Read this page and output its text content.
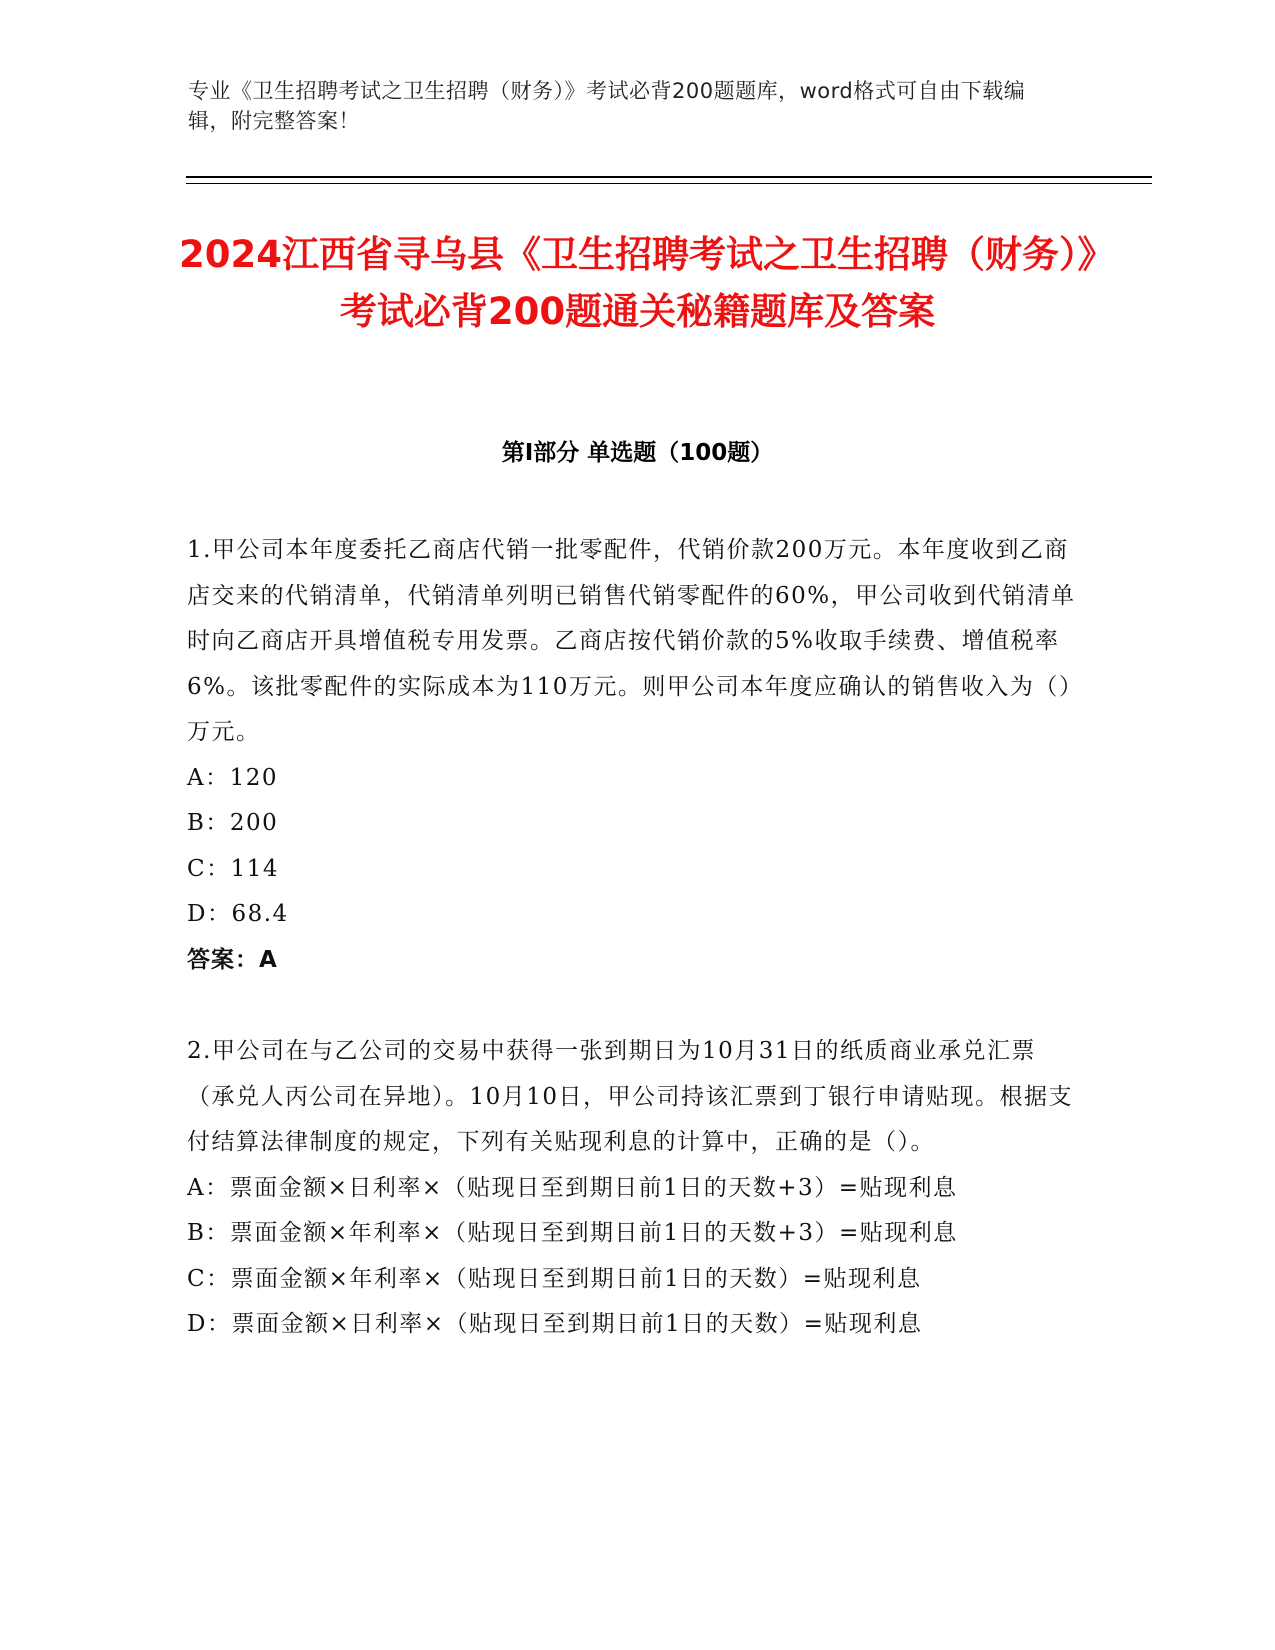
专业《卫生招聘考试之卫生招聘（财务）》考试必背200题题库，word格式可自由下载编辑，附完整答案！
2024江西省寻乌县《卫生招聘考试之卫生招聘（财务）》考试必背200题通关秘籍题库及答案
第I部分 单选题（100题）

1.甲公司本年度委托乙商店代销一批零配件，代销价款200万元。本年度收到乙商店交来的代销清单，代销清单列明已销售代销零配件的60%，甲公司收到代销清单时向乙商店开具增值税专用发票。乙商店按代销价款的5%收取手续费、增值税率6%。该批零配件的实际成本为110万元。则甲公司本年度应确认的销售收入为（）万元。

A：120

B：200

C：114

D：68.4

答案：A

2.甲公司在与乙公司的交易中获得一张到期日为10月31日的纸质商业承兑汇票（承兑人丙公司在异地）。10月10日，甲公司持该汇票到丁银行申请贴现。根据支付结算法律制度的规定，下列有关贴现利息的计算中，正确的是（）。

A：票面金额×日利率×（贴现日至到期日前1日的天数+3）=贴现利息

B：票面金额×年利率×（贴现日至到期日前1日的天数+3）=贴现利息

C：票面金额×年利率×（贴现日至到期日前1日的天数）=贴现利息

D：票面金额×日利率×（贴现日至到期日前1日的天数）=贴现利息
